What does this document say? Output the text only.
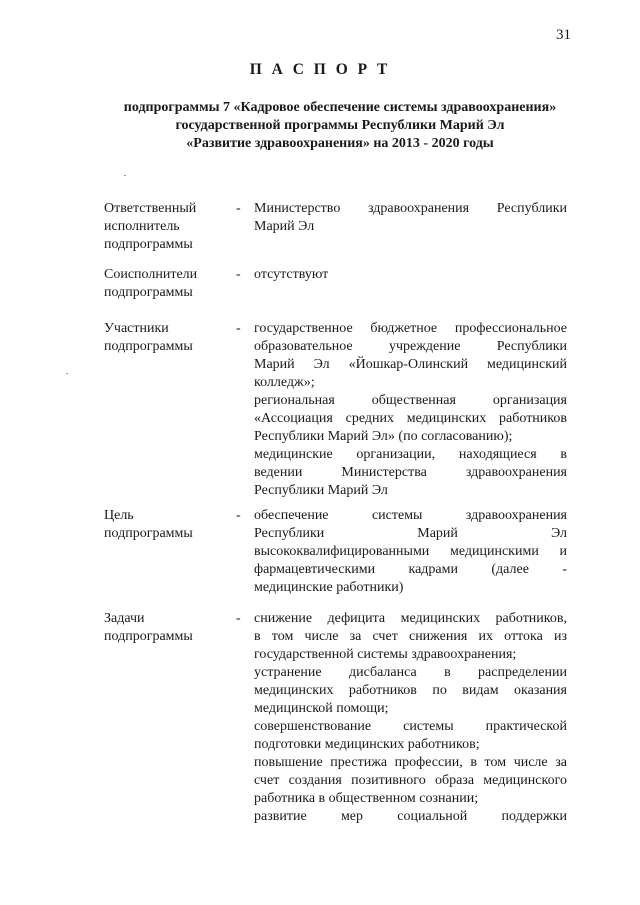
31
П А С П О Р Т
подпрограммы 7 «Кадровое обеспечение системы здравоохранения»
государственной программы Республики Марий Эл
«Развитие здравоохранения» на 2013 - 2020 годы
Ответственный
исполнитель
подпрограммы
- Министерство здравоохранения Республики
Марий Эл
Соисполнители
подпрограммы
- отсутствуют
Участники
подпрограммы
- государственное бюджетное профессиональное
образовательное учреждение Республики
Марий Эл «Йошкар-Олинский медицинский
колледж»;
региональная общественная организация
«Ассоциация средних медицинских работников
Республики Марий Эл» (по согласованию);
медицинские организации, находящиеся в
ведении Министерства здравоохранения
Республики Марий Эл
Цель
подпрограммы
- обеспечение системы здравоохранения
Республики Марий Эл
высококвалифицированными медицинскими и
фармацевтическими кадрами (далее -
медицинские работники)
Задачи
подпрограммы
- снижение дефицита медицинских работников,
в том числе за счет снижения их оттока из
государственной системы здравоохранения;
устранение дисбаланса в распределении
медицинских работников по видам оказания
медицинской помощи;
совершенствование системы практической
подготовки медицинских работников;
повышение престижа профессии, в том числе за
счет создания позитивного образа медицинского
работника в общественном сознании;
развитие мер социальной поддержки
